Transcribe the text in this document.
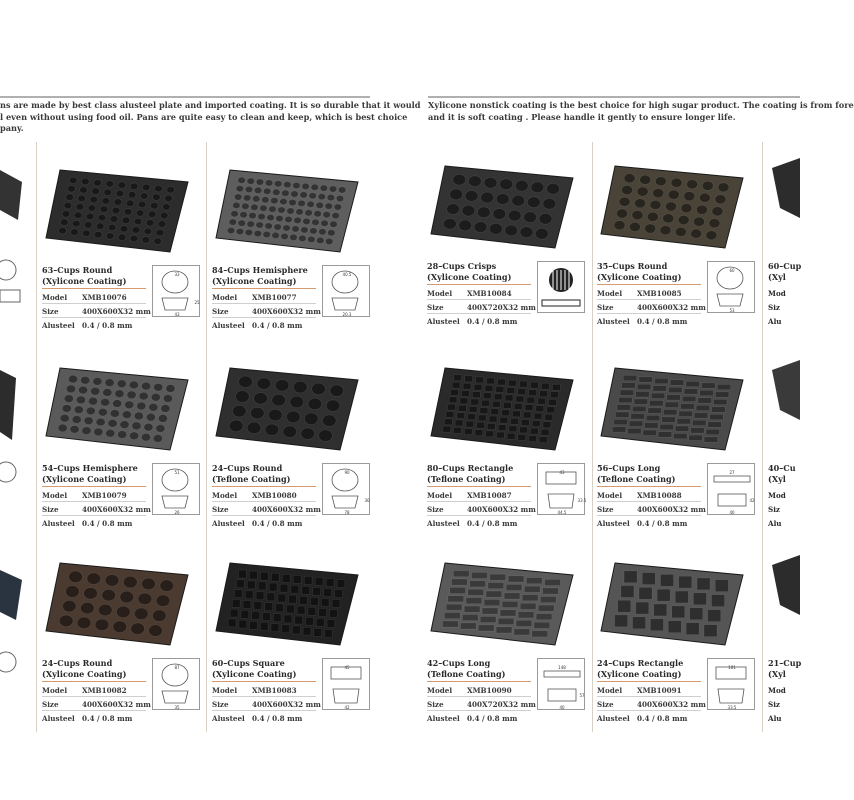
ns are made by best class alusteel plate and imported coating. It is so durable that it would
l even without using food oil. Pans are quite easy to clean and keep, which is best choice
pany.
Xylicone nonstick coating is the best choice for high sugar product. The coating is from fore
and it is soft coating . Please handle it gently to ensure longer life.
63–Cups Round
(Xylicone Coating)
Model XMB10076
Size	400X600X32 mm
Alusteel 0.4 / 0.8 mm
33
43
25
84–Cups Hemisphere
(Xylicone Coating)
Model XMB10077
Size	400X600X32 mm
Alusteel 0.4 / 0.8 mm
40.5
20.3
28–Cups Crisps
(Xylicone Coating)
Model XMB10084
Size	400X720X32 mm
Alusteel 0.4 / 0.8 mm
35–Cups Round
(Xylicone Coating)
Model XMB10085
Size	400X600X32 mm
Alusteel 0.4 / 0.8 mm
60
53
54–Cups Hemisphere
(Xylicone Coating)
Model XMB10079
Size	400X600X32 mm
Alusteel 0.4 / 0.8 mm
51
26
24–Cups Round
(Teflone Coating)
Model XMB10080
Size	400X600X32 mm
Alusteel 0.4 / 0.8 mm
90
78
30
80–Cups Rectangle
(Teflone Coating)
Model XMB10087
Size	400X600X32 mm
Alusteel 0.4 / 0.8 mm
43
44.5
33.5
56–Cups Long
(Teflone Coating)
Model XMB10088
Size	400X600X32 mm
Alusteel 0.4 / 0.8 mm
27
40
42
24–Cups Round
(Xylicone Coating)
Model XMB10082
Size	400X600X32 mm
Alusteel 0.4 / 0.8 mm
87
35
60–Cups Square
(Xylicone Coating)
Model XMB10083
Size	400X600X32 mm
Alusteel 0.4 / 0.8 mm
45
42
42–Cups Long
(Teflone Coating)
Model XMB10090
Size	400X720X32 mm
Alusteel 0.4 / 0.8 mm
148
40
57
24–Cups Rectangle
(Xylicone Coating)
Model XMB10091
Size	400X600X32 mm
Alusteel 0.4 / 0.8 mm
101
33.5
60–Cup
(Xyl
Mod
Siz
Alu
40–Cu
(Xyl
Mod
Siz
Alu
21–Cup
(Xyl
Mod
Siz
Alu
